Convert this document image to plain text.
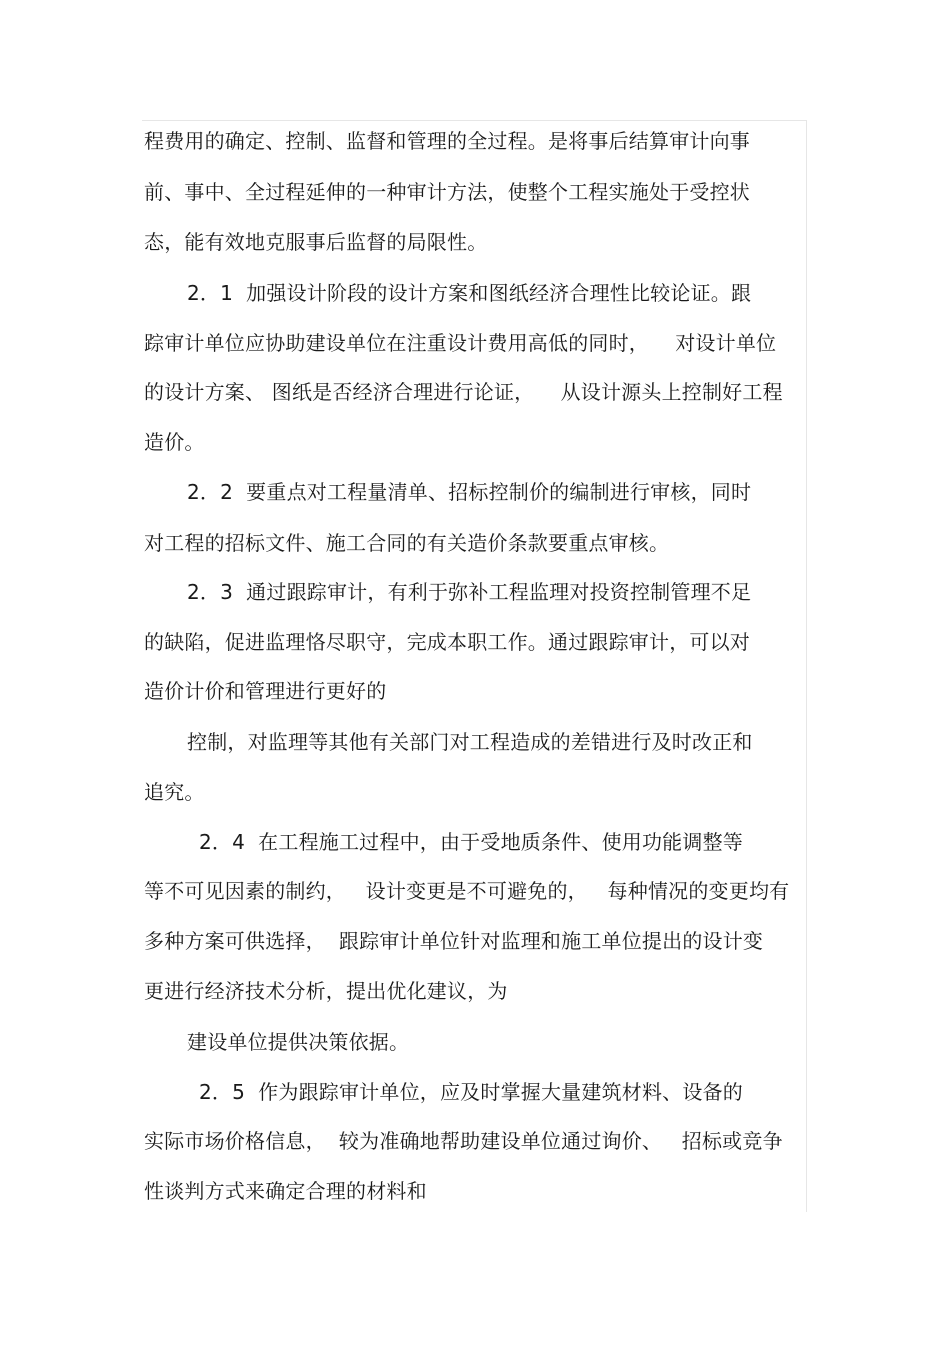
程费用的确定、控制、监督和管理的全过程。是将事后结算审计向事
前、事中、全过程延伸的一种审计方法，使整个工程实施处于受控状
态，能有效地克服事后监督的局限性。
2．1  加强设计阶段的设计方案和图纸经济合理性比较论证。跟
踪审计单位应协助建设单位在注重设计费用高低的同时，    对设计单位
的设计方案、 图纸是否经济合理进行论证，    从设计源头上控制好工程
造价。
2．2  要重点对工程量清单、招标控制价的编制进行审核，同时
对工程的招标文件、施工合同的有关造价条款要重点审核。
2．3  通过跟踪审计，有利于弥补工程监理对投资控制管理不足
的缺陷，促进监理恪尽职守，完成本职工作。通过跟踪审计，可以对
造价计价和管理进行更好的
控制，对监理等其他有关部门对工程造成的差错进行及时改正和
追究。
2．4  在工程施工过程中，由于受地质条件、使用功能调整等
等不可见因素的制约，   设计变更是不可避免的，   每种情况的变更均有
多种方案可供选择，  跟踪审计单位针对监理和施工单位提出的设计变
更进行经济技术分析，提出优化建议，为
建设单位提供决策依据。
2．5  作为跟踪审计单位，应及时掌握大量建筑材料、设备的
实际市场价格信息，  较为准确地帮助建设单位通过询价、   招标或竞争
性谈判方式来确定合理的材料和
